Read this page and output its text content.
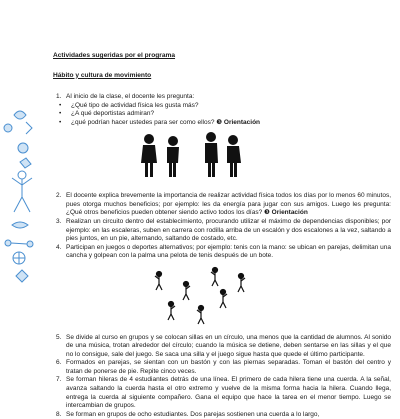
Actividades sugeridas por el programa
Hábito y cultura de movimiento
1. Al inicio de la clase, el docente les pregunta:
• ¿Qué tipo de actividad física les gusta más?
• ¿A qué deportistas admiran?
• ¿qué podrían hacer ustedes para ser como ellos? ❸ Orientación
2. El docente explica brevemente la importancia de realizar actividad física todos los días por lo menos 60 minutos, pues otorga muchos beneficios; por ejemplo: les da energía para jugar con sus amigos. Luego les pregunta: ¿Qué otros beneficios pueden obtener siendo activo todos los días? ❸ Orientación
3. Realizan un circuito dentro del establecimiento, procurando utilizar el máximo de dependencias disponibles; por ejemplo: en las escaleras, suben en carrera con rodilla arriba de un escalón y dos escalones a la vez, saltando a pies juntos, en un pie, alternando, saltando de costado, etc.
4. Participan en juegos o deportes alternativos; por ejemplo: tenis con la mano: se ubican en parejas, delimitan una cancha y golpean con la palma una pelota de tenis después de un bote.
5. Se divide al curso en grupos y se colocan sillas en un círculo, una menos que la cantidad de alumnos. Al sonido de una música, trotan alrededor del círculo; cuando la música se detiene, deben sentarse en las sillas y el que no lo consigue, sale del juego. Se saca una silla y el juego sigue hasta que quede el último participante.
6. Formados en parejas, se sientan con un bastón y con las piernas separadas. Toman el bastón del centro y tratan de ponerse de pie. Repite cinco veces.
7. Se forman hileras de 4 estudiantes detrás de una línea. El primero de cada hilera tiene una cuerda. A la señal, avanza saltando la cuerda hasta el otro extremo y vuelve de la misma forma hacia la hilera. Cuando llega, entrega la cuerda al siguiente compañero. Gana el equipo que hace la tarea en el menor tiempo. Luego se intercambian de grupos.
8. Se forman en grupos de ocho estudiantes. Dos parejas sostienen una cuerda a lo largo,
